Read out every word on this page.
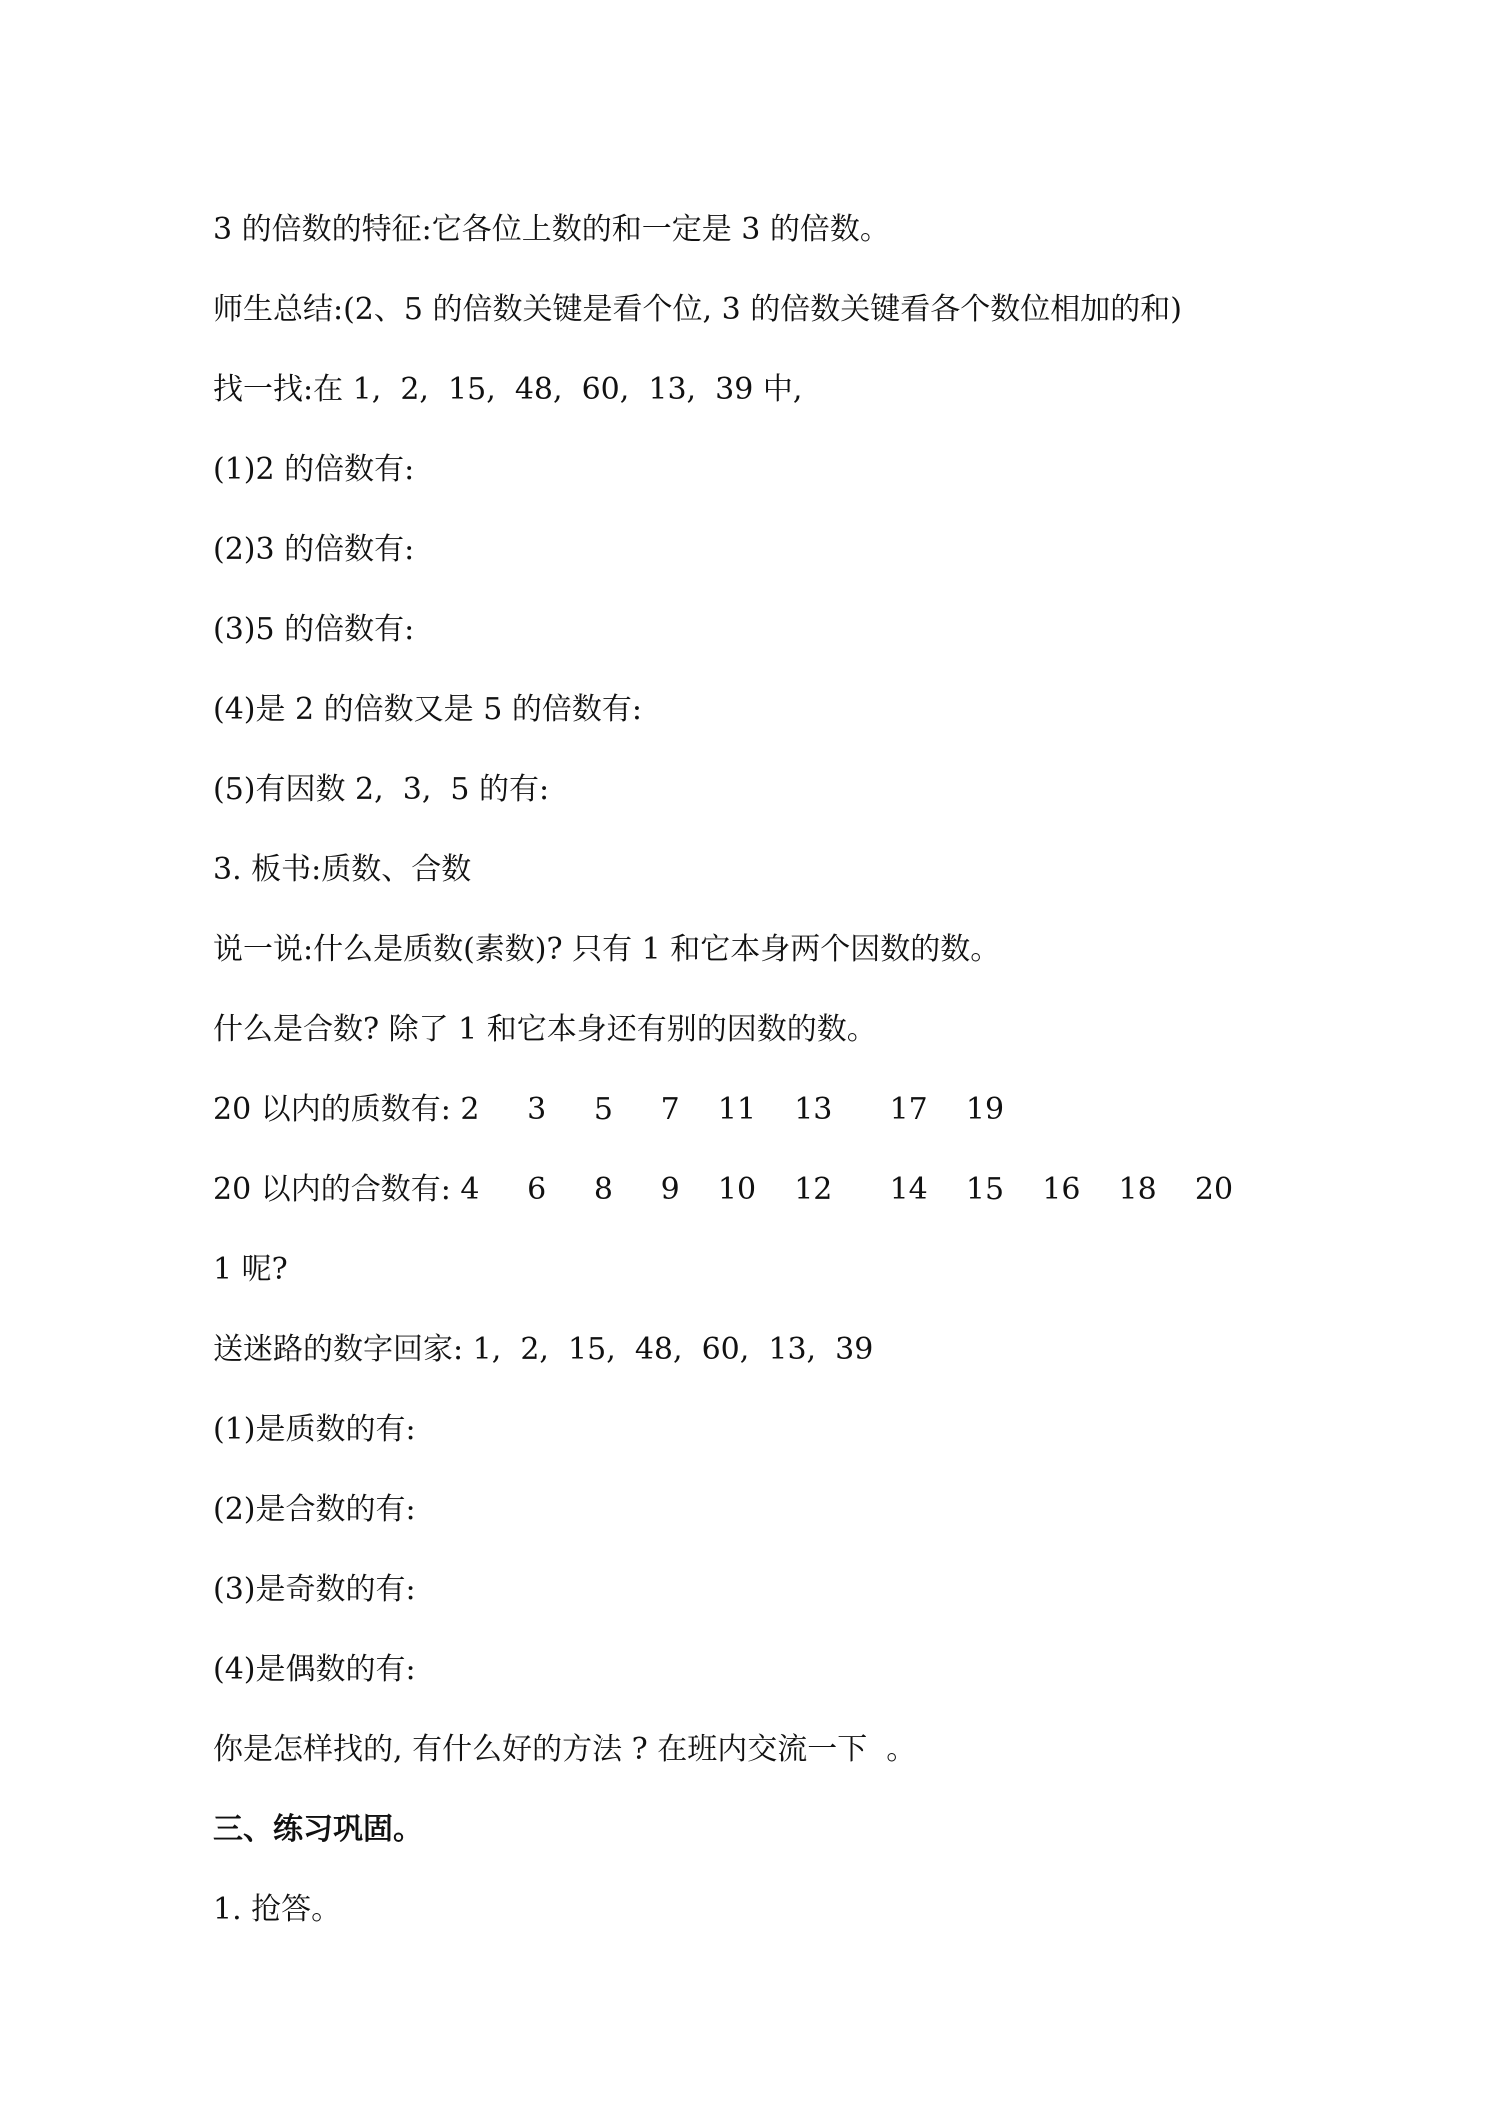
3 的倍数的特征:它各位上数的和一定是 3 的倍数。
师生总结:(2、5 的倍数关键是看个位, 3 的倍数关键看各个数位相加的和)
找一找:在 1,  2,  15,  48,  60,  13,  39 中,
(1)2 的倍数有:
(2)3 的倍数有:
(3)5 的倍数有:
(4)是 2 的倍数又是 5 的倍数有:
(5)有因数 2,  3,  5 的有:
3. 板书:质数、合数
说一说:什么是质数(素数)? 只有 1 和它本身两个因数的数。
什么是合数? 除了 1 和它本身还有别的因数的数。
20 以内的质数有: 2     3     5     7    11    13      17    19
20 以内的合数有: 4     6     8     9    10    12      14    15    16    18    20
1 呢?
送迷路的数字回家: 1,  2,  15,  48,  60,  13,  39
(1)是质数的有:
(2)是合数的有:
(3)是奇数的有:
(4)是偶数的有:
你是怎样找的, 有什么好的方法 ? 在班内交流一下  。
三、练习巩固。
1. 抢答。
